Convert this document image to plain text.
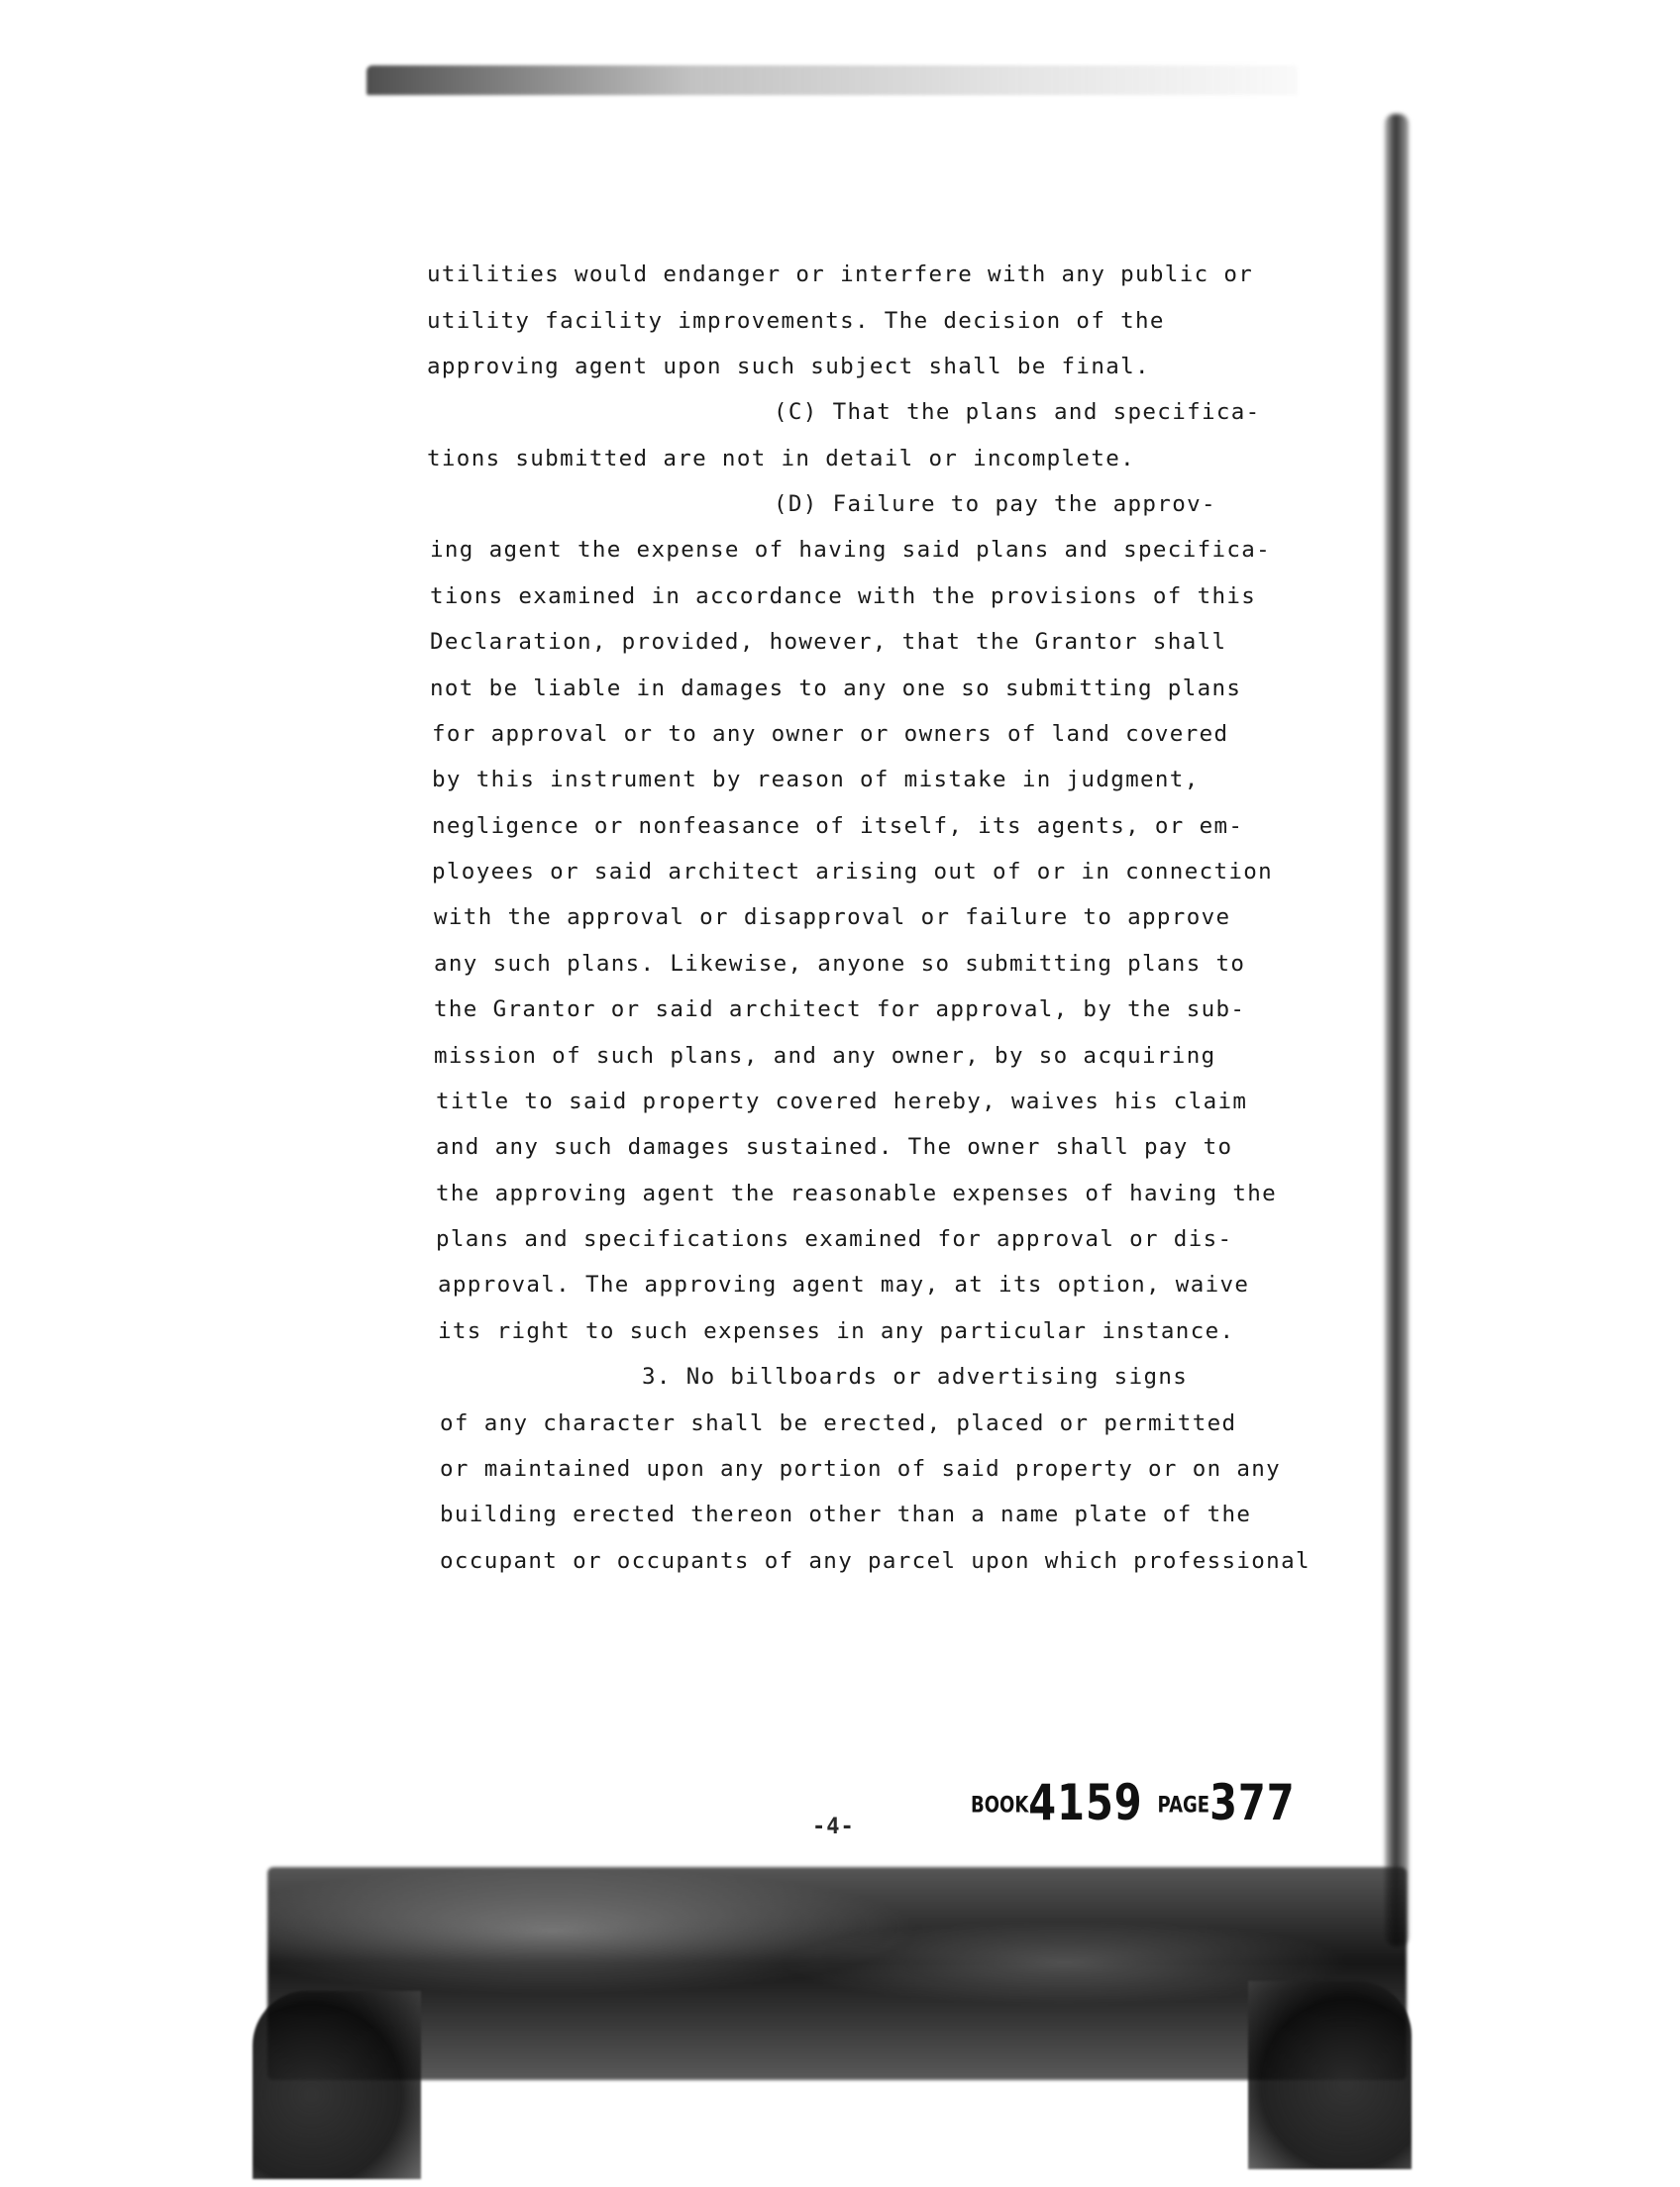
utilities would endanger or interfere with any public or
utility facility improvements. The decision of the
approving agent upon such subject shall be final.
(C) That the plans and specifica-
tions submitted are not in detail or incomplete.
(D) Failure to pay the approv-
ing agent the expense of having said plans and specifica-
tions examined in accordance with the provisions of this
Declaration, provided, however, that the Grantor shall
not be liable in damages to any one so submitting plans
for approval or to any owner or owners of land covered
by this instrument by reason of mistake in judgment,
negligence or nonfeasance of itself, its agents, or em-
ployees or said architect arising out of or in connection
with the approval or disapproval or failure to approve
any such plans. Likewise, anyone so submitting plans to
the Grantor or said architect for approval, by the sub-
mission of such plans, and any owner, by so acquiring
title to said property covered hereby, waives his claim
and any such damages sustained. The owner shall pay to
the approving agent the reasonable expenses of having the
plans and specifications examined for approval or dis-
approval. The approving agent may, at its option, waive
its right to such expenses in any particular instance.
3. No billboards or advertising signs
of any character shall be erected, placed or permitted
or maintained upon any portion of said property or on any
building erected thereon other than a name plate of the
occupant or occupants of any parcel upon which professional
-4-
BOOK4159 PAGE377
